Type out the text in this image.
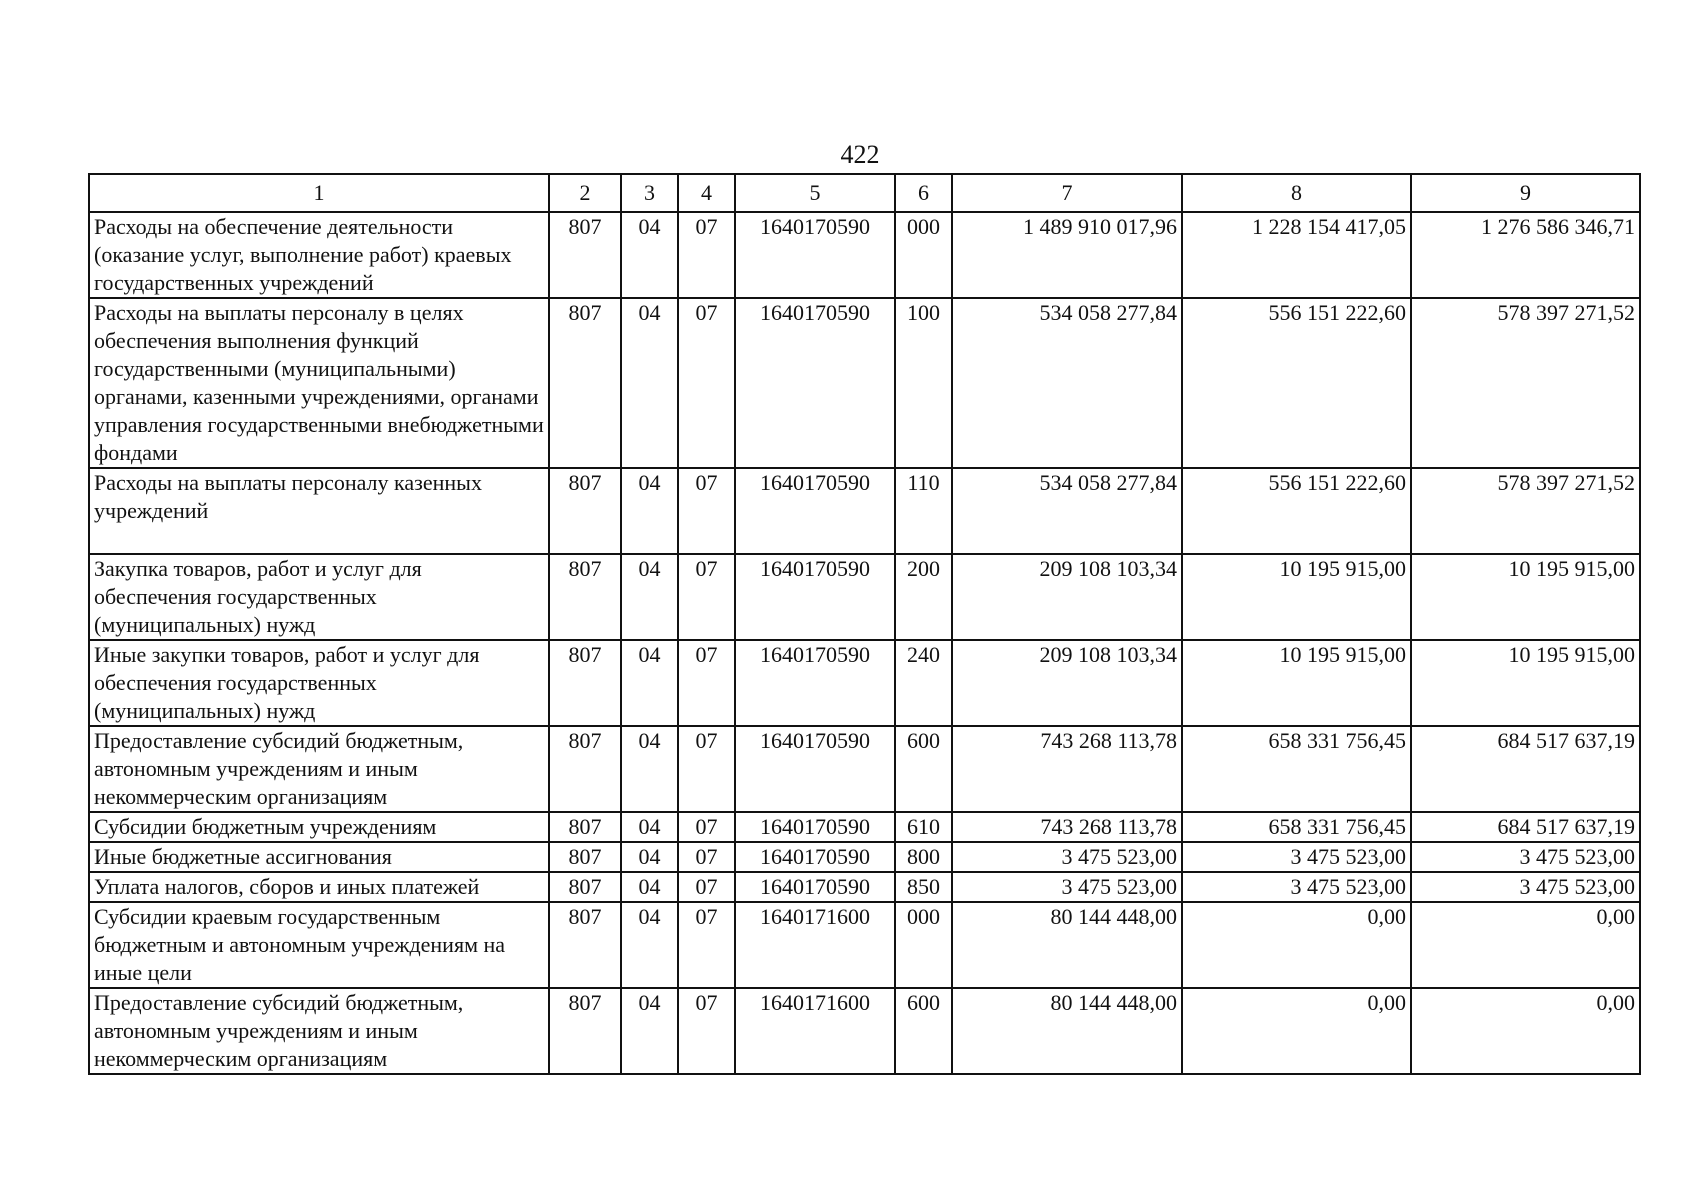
422
1	2	3	4	5	6	7	8	9
Расходы на обеспечение деятельности (оказание услуг, выполнение работ) краевых государственных учреждений	807	04	07	1640170590	000	1 489 910 017,96	1 228 154 417,05	1 276 586 346,71
Расходы на выплаты персоналу в целях обеспечения выполнения функций государственными (муниципальными) органами, казенными учреждениями, органами управления государственными внебюджетными фондами	807	04	07	1640170590	100	534 058 277,84	556 151 222,60	578 397 271,52
Расходы на выплаты персоналу казенных учреждений	807	04	07	1640170590	110	534 058 277,84	556 151 222,60	578 397 271,52
Закупка товаров, работ и услуг для обеспечения государственных (муниципальных) нужд	807	04	07	1640170590	200	209 108 103,34	10 195 915,00	10 195 915,00
Иные закупки товаров, работ и услуг для обеспечения государственных (муниципальных) нужд	807	04	07	1640170590	240	209 108 103,34	10 195 915,00	10 195 915,00
Предоставление субсидий бюджетным, автономным учреждениям и иным некоммерческим организациям	807	04	07	1640170590	600	743 268 113,78	658 331 756,45	684 517 637,19
Субсидии бюджетным учреждениям	807	04	07	1640170590	610	743 268 113,78	658 331 756,45	684 517 637,19
Иные бюджетные ассигнования	807	04	07	1640170590	800	3 475 523,00	3 475 523,00	3 475 523,00
Уплата налогов, сборов и иных платежей	807	04	07	1640170590	850	3 475 523,00	3 475 523,00	3 475 523,00
Субсидии краевым государственным бюджетным и автономным учреждениям на иные цели	807	04	07	1640171600	000	80 144 448,00	0,00	0,00
Предоставление субсидий бюджетным, автономным учреждениям и иным некоммерческим организациям	807	04	07	1640171600	600	80 144 448,00	0,00	0,00
